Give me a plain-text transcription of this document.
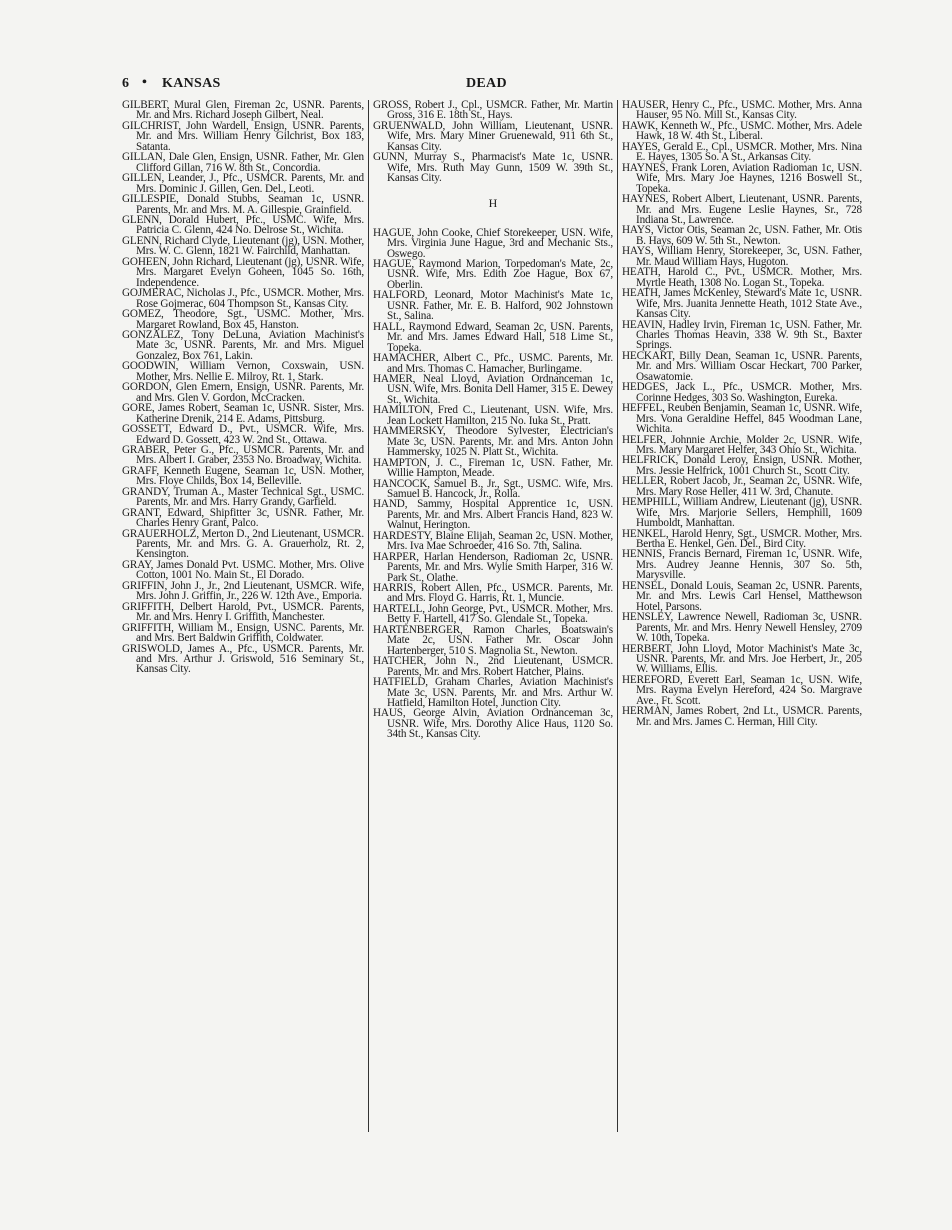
6 • KANSAS	DEAD

GILBERT, Mural Glen, Fireman 2c, USNR. Parents, Mr. and Mrs. Richard Joseph Gilbert, Neal.

GILCHRIST, John Wardell, Ensign, USNR. Parents, Mr. and Mrs. William Henry Gilchrist, Box 183, Satanta.

GILLAN, Dale Glen, Ensign, USNR. Father, Mr. Glen Clifford Gillan, 716 W. 8th St., Concordia.

GILLEN, Leander, J., Pfc., USMCR. Parents, Mr. and Mrs. Dominic J. Gillen, Gen. Del., Leoti.

GILLESPIE, Donald Stubbs, Seaman 1c, USNR. Parents, Mr. and Mrs. M. A. Gillespie, Grainfield.

GLENN, Dorald Hubert, Pfc., USMC. Wife, Mrs. Patricia C. Glenn, 424 No. Delrose St., Wichita.

GLENN, Richard Clyde, Lieutenant (jg), USN. Mother, Mrs. W. C. Glenn, 1821 W. Fairchild, Manhattan.

GOHEEN, John Richard, Lieutenant (jg), USNR. Wife, Mrs. Margaret Evelyn Goheen, 1045 So. 16th, Independence.

GOJMERAC, Nicholas J., Pfc., USMCR. Mother, Mrs. Rose Gojmerac, 604 Thompson St., Kansas City.

GOMEZ, Theodore, Sgt., USMC. Mother, Mrs. Margaret Rowland, Box 45, Hanston.

GONZALEZ, Tony DeLuna, Aviation Machinist's Mate 3c, USNR. Parents, Mr. and Mrs. Miguel Gonzalez, Box 761, Lakin.

GOODWIN, William Vernon, Coxswain, USN. Mother, Mrs. Nellie E. Milroy, Rt. 1, Stark.

GORDON, Glen Emern, Ensign, USNR. Parents, Mr. and Mrs. Glen V. Gordon, McCracken.

GORE, James Robert, Seaman 1c, USNR. Sister, Mrs. Katherine Drenik, 214 E. Adams, Pittsburg.

GOSSETT, Edward D., Pvt., USMCR. Wife, Mrs. Edward D. Gossett, 423 W. 2nd St., Ottawa.

GRABER, Peter G., Pfc., USMCR. Parents, Mr. and Mrs. Albert I. Graber, 2353 No. Broadway, Wichita.

GRAFF, Kenneth Eugene, Seaman 1c, USN. Mother, Mrs. Floye Childs, Box 14, Belleville.

GRANDY, Truman A., Master Technical Sgt., USMC. Parents, Mr. and Mrs. Harry Grandy, Garfield.

GRANT, Edward, Shipfitter 3c, USNR. Father, Mr. Charles Henry Grant, Palco.

GRAUERHOLZ, Merton D., 2nd Lieutenant, USMCR. Parents, Mr. and Mrs. G. A. Grauerholz, Rt. 2, Kensington.

GRAY, James Donald Pvt. USMC. Mother, Mrs. Olive Cotton, 1001 No. Main St., El Dorado.

GRIFFIN, John J., Jr., 2nd Lieutenant, USMCR. Wife, Mrs. John J. Griffin, Jr., 226 W. 12th Ave., Emporia.

GRIFFITH, Delbert Harold, Pvt., USMCR. Parents, Mr. and Mrs. Henry I. Griffith, Manchester.

GRIFFITH, William M., Ensign, USNC. Parents, Mr. and Mrs. Bert Baldwin Griffith, Coldwater.

GRISWOLD, James A., Pfc., USMCR. Parents, Mr. and Mrs. Arthur J. Griswold, 516 Seminary St., Kansas City.

GROSS, Robert J., Cpl., USMCR. Father, Mr. Martin Gross, 316 E. 18th St., Hays.

GRUENWALD, John William, Lieutenant, USNR. Wife, Mrs. Mary Miner Gruenewald, 911 6th St., Kansas City.

GUNN, Murray S., Pharmacist's Mate 1c, USNR. Wife, Mrs. Ruth May Gunn, 1509 W. 39th St., Kansas City.

H

HAGUE, John Cooke, Chief Storekeeper, USN. Wife, Mrs. Virginia June Hague, 3rd and Mechanic Sts., Oswego.

HAGUE, Raymond Marion, Torpedoman's Mate, 2c, USNR. Wife, Mrs. Edith Zoe Hague, Box 67, Oberlin.

HALFORD, Leonard, Motor Machinist's Mate 1c, USNR. Father, Mr. E. B. Halford, 902 Johnstown St., Salina.

HALL, Raymond Edward, Seaman 2c, USN. Parents, Mr. and Mrs. James Edward Hall, 518 Lime St., Topeka.

HAMACHER, Albert C., Pfc., USMC. Parents, Mr. and Mrs. Thomas C. Hamacher, Burlingame.

HAMER, Neal Lloyd, Aviation Ordnanceman 1c, USN. Wife, Mrs. Bonita Dell Hamer, 315 E. Dewey St., Wichita.

HAMILTON, Fred C., Lieutenant, USN. Wife, Mrs. Jean Lockett Hamilton, 215 No. Iuka St., Pratt.

HAMMERSKY, Theodore Sylvester, Electrician's Mate 3c, USN. Parents, Mr. and Mrs. Anton John Hammersky, 1025 N. Platt St., Wichita.

HAMPTON, J. C., Fireman 1c, USN. Father, Mr. Willie Hampton, Meade.

HANCOCK, Samuel B., Jr., Sgt., USMC. Wife, Mrs. Samuel B. Hancock, Jr., Rolla.

HAND, Sammy, Hospital Apprentice 1c, USN. Parents, Mr. and Mrs. Albert Francis Hand, 823 W. Walnut, Herington.

HARDESTY, Blaine Elijah, Seaman 2c, USN. Mother, Mrs. Iva Mae Schroeder, 416 So. 7th, Salina.

HARPER, Harlan Henderson, Radioman 2c, USNR. Parents, Mr. and Mrs. Wylie Smith Harper, 316 W. Park St., Olathe.

HARRIS, Robert Allen, Pfc., USMCR. Parents, Mr. and Mrs. Floyd G. Harris, Rt. 1, Muncie.

HARTELL, John George, Pvt., USMCR. Mother, Mrs. Betty F. Hartell, 417 So. Glendale St., Topeka.

HARTENBERGER, Ramon Charles, Boatswain's Mate 2c, USN. Father Mr. Oscar John Hartenberger, 510 S. Magnolia St., Newton.

HATCHER, John N., 2nd Lieutenant, USMCR. Parents, Mr. and Mrs. Robert Hatcher, Plains.

HATFIELD, Graham Charles, Aviation Machinist's Mate 3c, USN. Parents, Mr. and Mrs. Arthur W. Hatfield, Hamilton Hotel, Junction City.

HAUS, George Alvin, Aviation Ordnanceman 3c, USNR. Wife, Mrs. Dorothy Alice Haus, 1120 So. 34th St., Kansas City.

HAUSER, Henry C., Pfc., USMC. Mother, Mrs. Anna Hauser, 95 No. Mill St., Kansas City.

HAWK, Kenneth W., Pfc., USMC. Mother, Mrs. Adele Hawk, 18 W. 4th St., Liberal.

HAYES, Gerald E., Cpl., USMCR. Mother, Mrs. Nina E. Hayes, 1305 So. A St., Arkansas City.

HAYNES, Frank Loren, Aviation Radioman 1c, USN. Wife, Mrs. Mary Joe Haynes, 1216 Boswell St., Topeka.

HAYNES, Robert Albert, Lieutenant, USNR. Parents, Mr. and Mrs. Eugene Leslie Haynes, Sr., 728 Indiana St., Lawrence.

HAYS, Victor Otis, Seaman 2c, USN. Father, Mr. Otis B. Hays, 609 W. 5th St., Newton.

HAYS, William Henry, Storekeeper, 3c, USN. Father, Mr. Maud William Hays, Hugoton.

HEATH, Harold C., Pvt., USMCR. Mother, Mrs. Myrtle Heath, 1308 No. Logan St., Topeka.

HEATH, James McKenley, Steward's Mate 1c, USNR. Wife, Mrs. Juanita Jennette Heath, 1012 State Ave., Kansas City.

HEAVIN, Hadley Irvin, Fireman 1c, USN. Father, Mr. Charles Thomas Heavin, 338 W. 9th St., Baxter Springs.

HECKART, Billy Dean, Seaman 1c, USNR. Parents, Mr. and Mrs. William Oscar Heckart, 700 Parker, Osawatomie.

HEDGES, Jack L., Pfc., USMCR. Mother, Mrs. Corinne Hedges, 303 So. Washington, Eureka.

HEFFEL, Reuben Benjamin, Seaman 1c, USNR. Wife, Mrs. Vona Geraldine Heffel, 845 Woodman Lane, Wichita.

HELFER, Johnnie Archie, Molder 2c, USNR. Wife, Mrs. Mary Margaret Helfer, 343 Ohio St., Wichita.

HELFRICK, Donald Leroy, Ensign, USNR. Mother, Mrs. Jessie Helfrick, 1001 Church St., Scott City.

HELLER, Robert Jacob, Jr., Seaman 2c, USNR. Wife, Mrs. Mary Rose Heller, 411 W. 3rd, Chanute.

HEMPHILL, William Andrew, Lieutenant (jg), USNR. Wife, Mrs. Marjorie Sellers, Hemphill, 1609 Humboldt, Manhattan.

HENKEL, Harold Henry, Sgt., USMCR. Mother, Mrs. Bertha E. Henkel, Gen. Del., Bird City.

HENNIS, Francis Bernard, Fireman 1c, USNR. Wife, Mrs. Audrey Jeanne Hennis, 307 So. 5th, Marysville.

HENSEL, Donald Louis, Seaman 2c, USNR. Parents, Mr. and Mrs. Lewis Carl Hensel, Matthewson Hotel, Parsons.

HENSLEY, Lawrence Newell, Radioman 3c, USNR. Parents, Mr. and Mrs. Henry Newell Hensley, 2709 W. 10th, Topeka.

HERBERT, John Lloyd, Motor Machinist's Mate 3c, USNR. Parents, Mr. and Mrs. Joe Herbert, Jr., 205 W. Williams, Ellis.

HEREFORD, Everett Earl, Seaman 1c, USN. Wife, Mrs. Rayma Evelyn Hereford, 424 So. Margrave Ave., Ft. Scott.

HERMAN, James Robert, 2nd Lt., USMCR. Parents, Mr. and Mrs. James C. Herman, Hill City.
